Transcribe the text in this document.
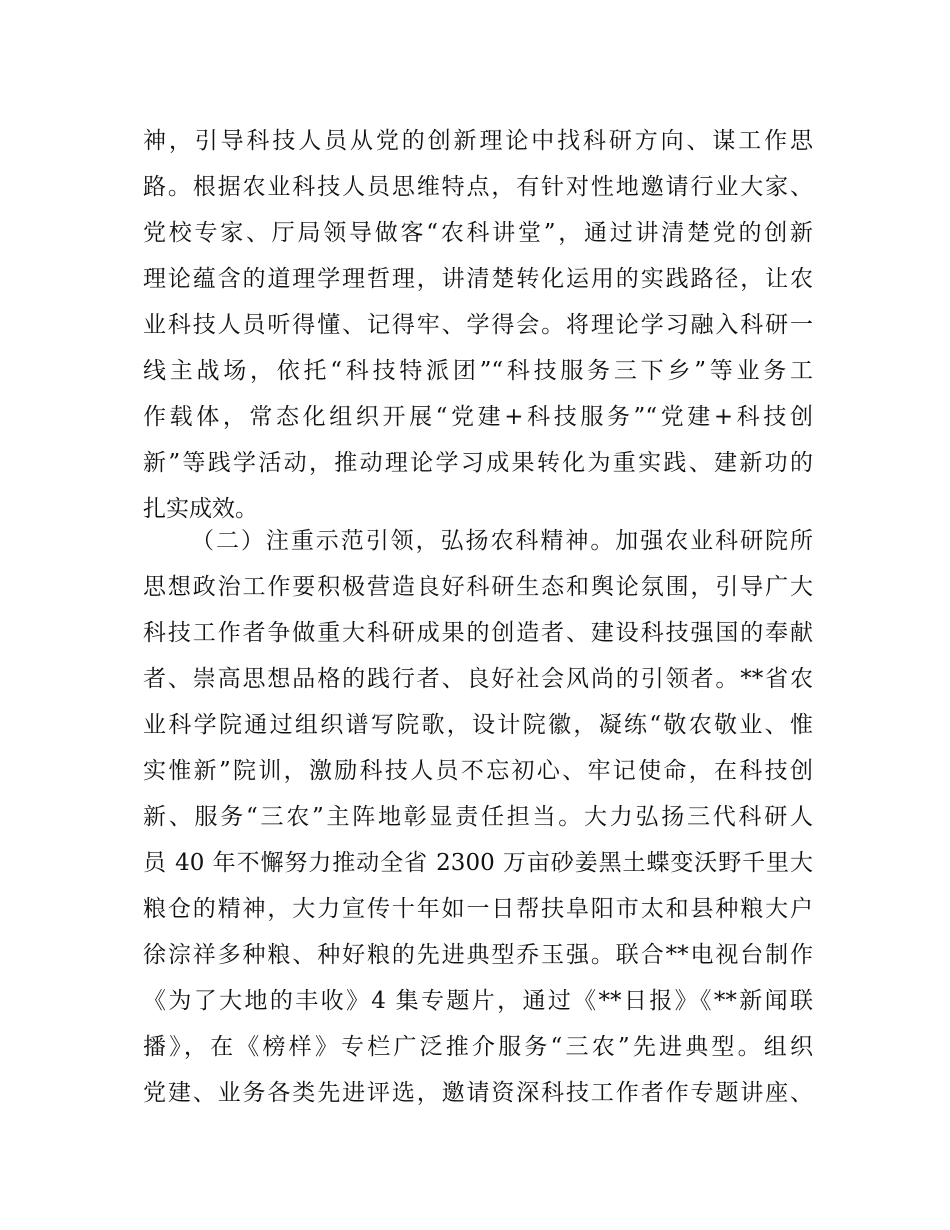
神，引导科技人员从党的创新理论中找科研方向、谋工作思
路。根据农业科技人员思维特点，有针对性地邀请行业大家、
党校专家、厅局领导做客“农科讲堂”，通过讲清楚党的创新
理论蕴含的道理学理哲理，讲清楚转化运用的实践路径，让农
业科技人员听得懂、记得牢、学得会。将理论学习融入科研一
线主战场，依托“科技特派团”“科技服务三下乡”等业务工
作载体，常态化组织开展“党建+科技服务”“党建+科技创
新”等践学活动，推动理论学习成果转化为重实践、建新功的
扎实成效。
（二）注重示范引领，弘扬农科精神。加强农业科研院所
思想政治工作要积极营造良好科研生态和舆论氛围，引导广大
科技工作者争做重大科研成果的创造者、建设科技强国的奉献
者、崇高思想品格的践行者、良好社会风尚的引领者。**省农
业科学院通过组织谱写院歌，设计院徽，凝练“敬农敬业、惟
实惟新”院训，激励科技人员不忘初心、牢记使命，在科技创
新、服务“三农”主阵地彰显责任担当。大力弘扬三代科研人
员 40 年不懈努力推动全省 2300 万亩砂姜黑土蝶变沃野千里大
粮仓的精神，大力宣传十年如一日帮扶阜阳市太和县种粮大户
徐淙祥多种粮、种好粮的先进典型乔玉强。联合**电视台制作
《为了大地的丰收》4 集专题片，通过《**日报》《**新闻联
播》，在《榜样》专栏广泛推介服务“三农”先进典型。组织
党建、业务各类先进评选，邀请资深科技工作者作专题讲座、
